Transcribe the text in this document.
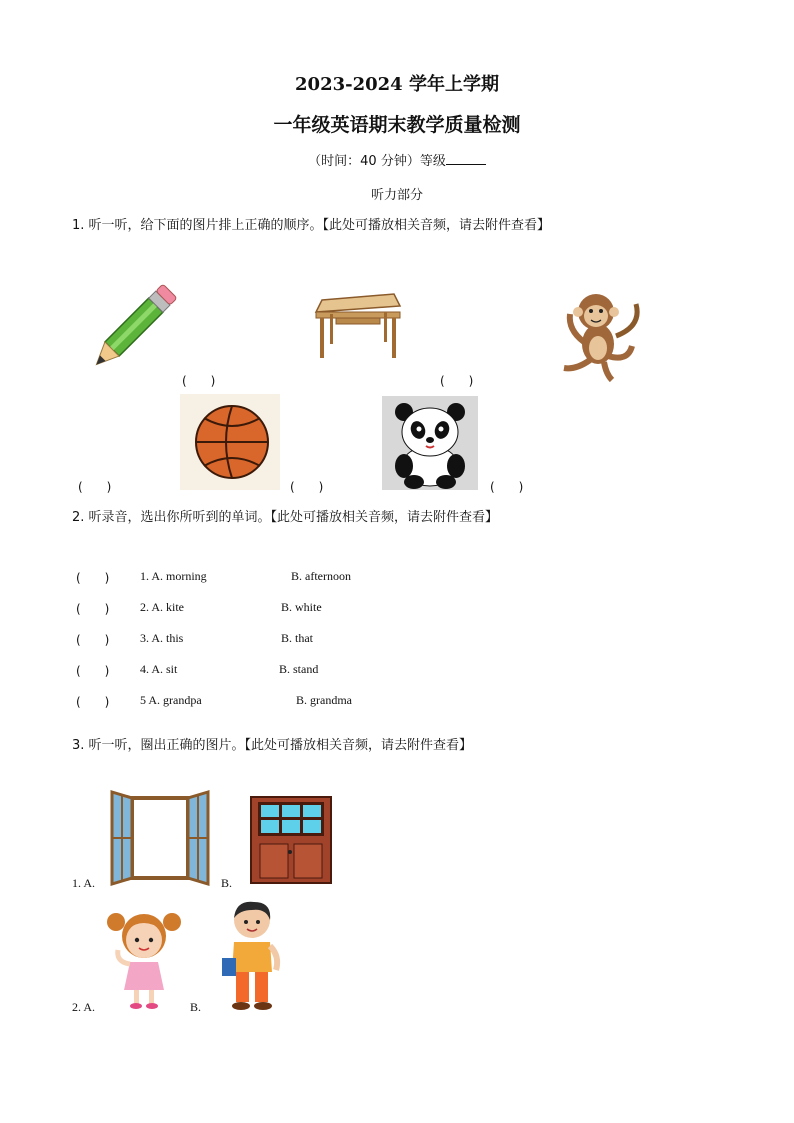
2023-2024 学年上学期
一年级英语期末教学质量检测
（时间：40 分钟）等级
听力部分
1. 听一听，给下面的图片排上正确的顺序。【此处可播放相关音频，请去附件查看】
(　　)	(　　)
(　　)	(　　)	(　　)
2. 听录音，选出你所听到的单词。【此处可播放相关音频，请去附件查看】
(　　)	1. A. morning	B. afternoon
(　　)	2. A. kite	B. white
(　　)	3. A. this	B. that
(　　)	4. A. sit	B. stand
(　　)	5 A. grandpa	B. grandma
3. 听一听，圈出正确的图片。【此处可播放相关音频，请去附件查看】
1. A.	B.
2. A.	B.
